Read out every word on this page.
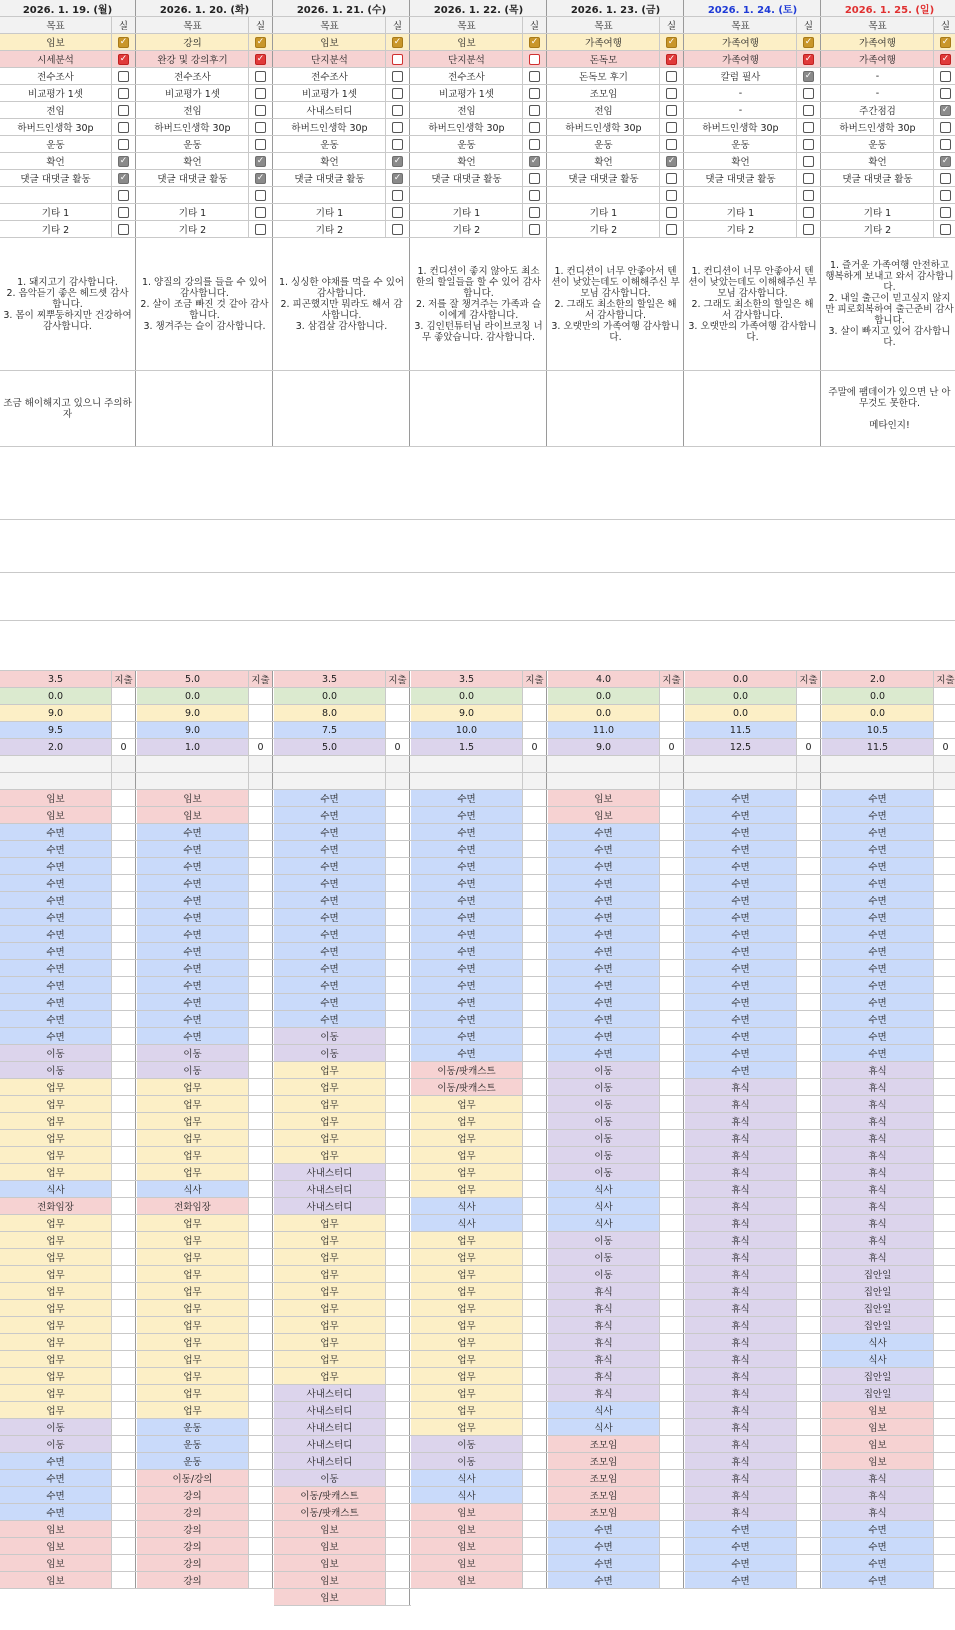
2026. 1. 19. (월)
목표	실
임보	✓
시세분석	✓
전수조사
비교평가 1셋
전임
하버드인생학 30p
운동
확언	✓
댓글 대댓글 활동	✓
기타 1
기타 2
1. 돼지고기 감사합니다.
2. 음악듣기 좋은 헤드셋 감사합니다.
3. 몸이 찌뿌둥하지만 건강하여 감사합니다.
조금 해이해지고 있으니 주의하자
3.5	지출
0.0
9.0
9.5
2.0	0
임보
임보
수면
수면
수면
수면
수면
수면
수면
수면
수면
수면
수면
수면
수면
이동
이동
업무
업무
업무
업무
업무
업무
식사
전화임장
업무
업무
업무
업무
업무
업무
업무
업무
업무
업무
업무
업무
이동
이동
수면
수면
수면
수면
임보
임보
임보
임보
2026. 1. 20. (화)
목표	실
강의	✓
완강 및 강의후기	✓
전수조사
비교평가 1셋
전임
하버드인생학 30p
운동
확언	✓
댓글 대댓글 활동	✓
기타 1
기타 2
1. 양질의 강의를 들을 수 있어 감사합니다.
2. 살이 조금 빠진 것 같아 감사합니다.
3. 챙겨주는 슬이 감사합니다.
5.0	지출
0.0
9.0
9.0
1.0	0
임보
임보
수면
수면
수면
수면
수면
수면
수면
수면
수면
수면
수면
수면
수면
이동
이동
업무
업무
업무
업무
업무
업무
식사
전화임장
업무
업무
업무
업무
업무
업무
업무
업무
업무
업무
업무
업무
운동
운동
운동
이동/강의
강의
강의
강의
강의
강의
강의
2026. 1. 21. (수)
목표	실
임보	✓
단지분석
전수조사
비교평가 1셋
사내스터디
하버드인생학 30p
운동
확언	✓
댓글 대댓글 활동	✓
기타 1
기타 2
1. 싱싱한 야채를 먹을 수 있어 감사합니다.
2. 피곤했지만 뭐라도 해서 감사합니다.
3. 삼겹살 감사합니다.
3.5	지출
0.0
8.0
7.5
5.0	0
수면
수면
수면
수면
수면
수면
수면
수면
수면
수면
수면
수면
수면
수면
이동
이동
업무
업무
업무
업무
업무
업무
사내스터디
사내스터디
사내스터디
업무
업무
업무
업무
업무
업무
업무
업무
업무
업무
사내스터디
사내스터디
사내스터디
사내스터디
사내스터디
이동
이동/팟캐스트
이동/팟캐스트
임보
임보
임보
임보
임보
2026. 1. 22. (목)
목표	실
임보	✓
단지분석
전수조사
비교평가 1셋
전임
하버드인생학 30p
운동
확언	✓
댓글 대댓글 활동
기타 1
기타 2
1. 컨디션이 좋지 않아도 최소한의 할일들을 할 수 있어 감사합니다.
2. 저를 잘 챙겨주는 가족과 슬이에게 감사합니다.
3. 김인턴튜터님 라이브코칭 너무 좋았습니다. 감사합니다.
3.5	지출
0.0
9.0
10.0
1.5	0
수면
수면
수면
수면
수면
수면
수면
수면
수면
수면
수면
수면
수면
수면
수면
수면
이동/팟캐스트
이동/팟캐스트
업무
업무
업무
업무
업무
업무
식사
식사
업무
업무
업무
업무
업무
업무
업무
업무
업무
업무
업무
업무
이동
이동
식사
식사
임보
임보
임보
임보
임보
2026. 1. 23. (금)
목표	실
가족여행	✓
돈독모	✓
돈독모 후기
조모임
전임
하버드인생학 30p
운동
확언	✓
댓글 대댓글 활동
기타 1
기타 2
1. 컨디션이 너무 안좋아서 텐션이 낮았는데도 이해해주신 부모님 감사합니다.
2. 그래도 최소한의 할일은 해서 감사합니다.
3. 오랫만의 가족여행 감사합니다.
4.0	지출
0.0
0.0
11.0
9.0	0
임보
임보
수면
수면
수면
수면
수면
수면
수면
수면
수면
수면
수면
수면
수면
수면
이동
이동
이동
이동
이동
이동
이동
식사
식사
식사
이동
이동
이동
휴식
휴식
휴식
휴식
휴식
휴식
휴식
식사
식사
조모임
조모임
조모임
조모임
조모임
수면
수면
수면
수면
2026. 1. 24. (토)
목표	실
가족여행	✓
가족여행	✓
칼럼 필사	✓
-
-
하버드인생학 30p
운동
확언
댓글 대댓글 활동
기타 1
기타 2
1. 컨디션이 너무 안좋아서 텐션이 낮았는데도 이해해주신 부모님 감사합니다.
2. 그래도 최소한의 할일은 해서 감사합니다.
3. 오랫만의 가족여행 감사합니다.
0.0	지출
0.0
0.0
11.5
12.5	0
수면
수면
수면
수면
수면
수면
수면
수면
수면
수면
수면
수면
수면
수면
수면
수면
수면
휴식
휴식
휴식
휴식
휴식
휴식
휴식
휴식
휴식
휴식
휴식
휴식
휴식
휴식
휴식
휴식
휴식
휴식
휴식
휴식
휴식
휴식
휴식
휴식
휴식
휴식
수면
수면
수면
수면
2026. 1. 25. (일)
목표	실
가족여행	✓
가족여행	✓
-
-
주간점검	✓
하버드인생학 30p
운동
확언	✓
댓글 대댓글 활동
기타 1
기타 2
1. 즐거운 가족여행 안전하고 행복하게 보내고 와서 감사합니다.
2. 내일 출근이 믿고싶지 않지만 피로회복하여 출근준비 감사합니다.
3. 살이 빠지고 있어 감사합니다.
주말에 팸데이가 있으면 난 아무것도 못한다.

메타인지!
2.0	지출
0.0
0.0
10.5
11.5	0
수면
수면
수면
수면
수면
수면
수면
수면
수면
수면
수면
수면
수면
수면
수면
수면
휴식
휴식
휴식
휴식
휴식
휴식
휴식
휴식
휴식
휴식
휴식
휴식
집안일
집안일
집안일
집안일
식사
식사
집안일
집안일
임보
임보
임보
임보
휴식
휴식
휴식
수면
수면
수면
수면
